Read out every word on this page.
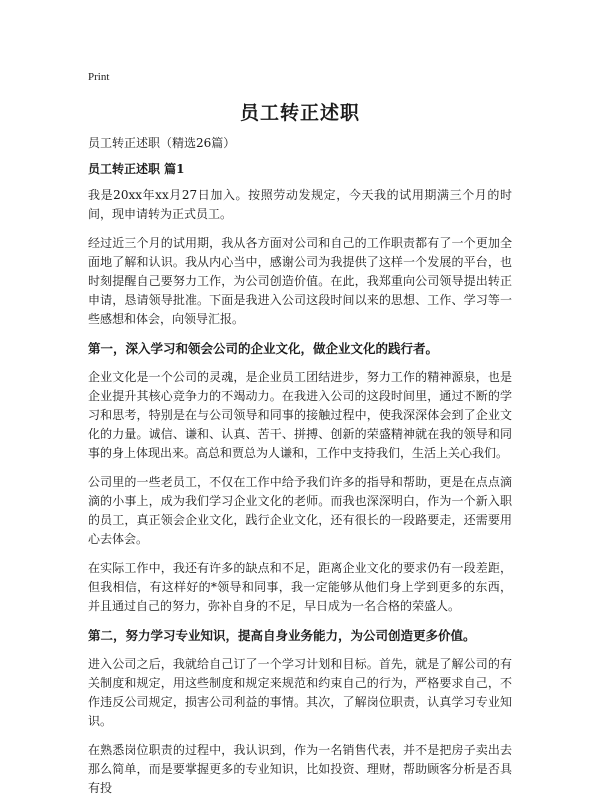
Print
员工转正述职

员工转正述职（精选26篇）

员工转正述职 篇1

我是20xx年xx月27日加入。按照劳动发规定，今天我的试用期满三个月的时间，现申请转为正式员工。

经过近三个月的试用期，我从各方面对公司和自己的工作职责都有了一个更加全面地了解和认识。我从内心当中，感谢公司为我提供了这样一个发展的平台，也时刻提醒自己要努力工作，为公司创造价值。在此，我郑重向公司领导提出转正申请，恳请领导批准。下面是我进入公司这段时间以来的思想、工作、学习等一些感想和体会，向领导汇报。

第一，深入学习和领会公司的企业文化，做企业文化的践行者。

企业文化是一个公司的灵魂，是企业员工团结进步，努力工作的精神源泉，也是企业提升其核心竞争力的不竭动力。在我进入公司的这段时间里，通过不断的学习和思考，特别是在与公司领导和同事的接触过程中，使我深深体会到了企业文化的力量。诚信、谦和、认真、苦干、拼搏、创新的荣盛精神就在我的领导和同事的身上体现出来。高总和贾总为人谦和，工作中支持我们，生活上关心我们。

公司里的一些老员工，不仅在工作中给予我们许多的指导和帮助，更是在点点滴滴的小事上，成为我们学习企业文化的老师。而我也深深明白，作为一个新入职的员工，真正领会企业文化，践行企业文化，还有很长的一段路要走，还需要用心去体会。

在实际工作中，我还有许多的缺点和不足，距离企业文化的要求仍有一段差距，但我相信，有这样好的*领导和同事，我一定能够从他们身上学到更多的东西，并且通过自己的努力，弥补自身的不足，早日成为一名合格的荣盛人。

第二，努力学习专业知识，提高自身业务能力，为公司创造更多价值。

进入公司之后，我就给自己订了一个学习计划和目标。首先，就是了解公司的有关制度和规定，用这些制度和规定来规范和约束自己的行为，严格要求自己，不作违反公司规定，损害公司利益的事情。其次，了解岗位职责，认真学习专业知识。

在熟悉岗位职责的过程中，我认识到，作为一名销售代表，并不是把房子卖出去那么简单，而是要掌握更多的专业知识，比如投资、理财，帮助顾客分析是否具有投
